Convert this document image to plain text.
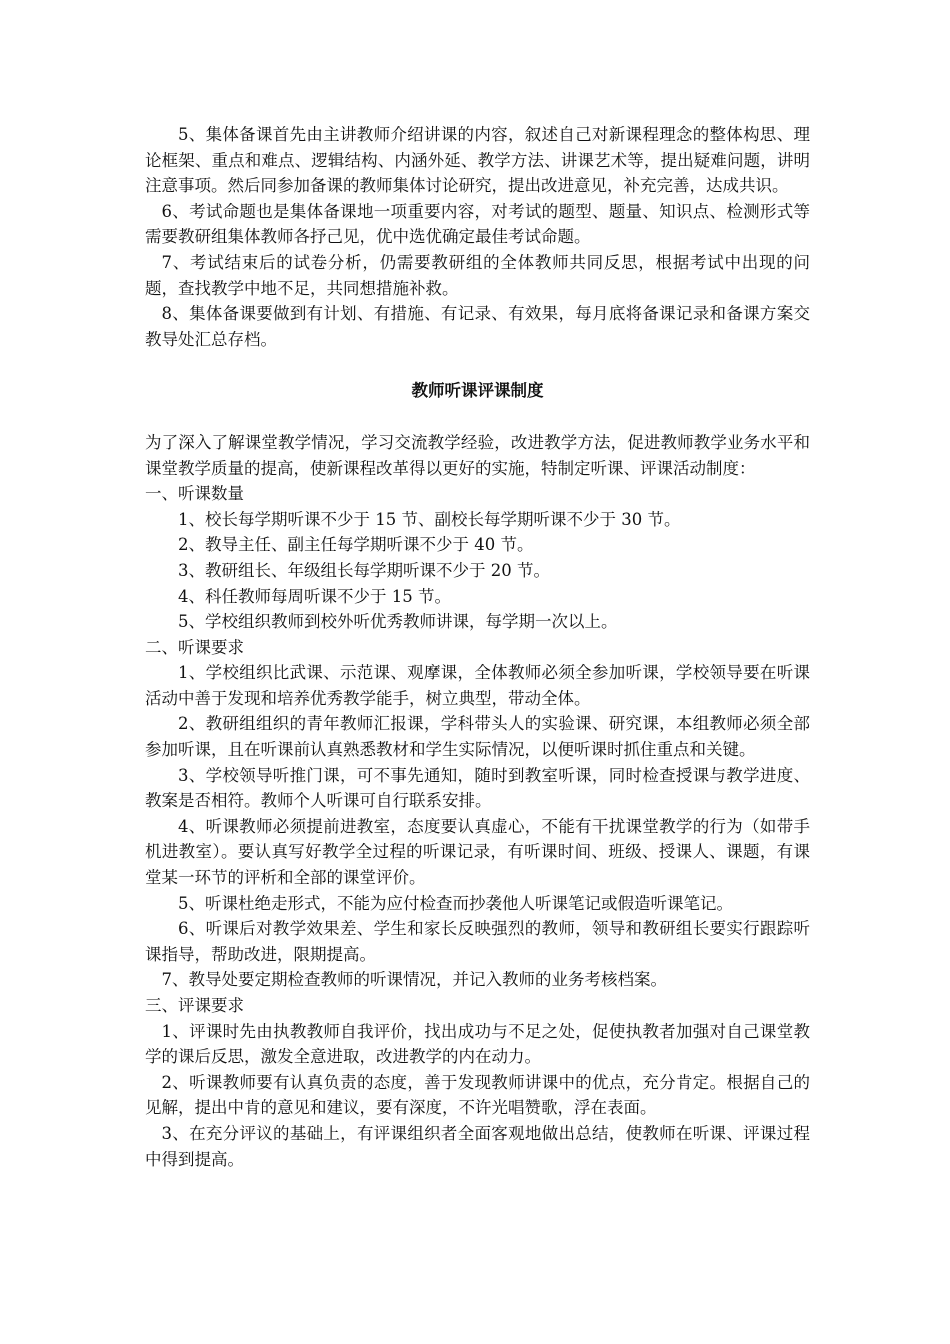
5、集体备课首先由主讲教师介绍讲课的内容，叙述自己对新课程理念的整体构思、理论框架、重点和难点、逻辑结构、内涵外延、教学方法、讲课艺术等，提出疑难问题，讲明注意事项。然后同参加备课的教师集体讨论研究，提出改进意见，补充完善，达成共识。

6、考试命题也是集体备课地一项重要内容，对考试的题型、题量、知识点、检测形式等需要教研组集体教师各抒己见，优中选优确定最佳考试命题。

7、考试结束后的试卷分析，仍需要教研组的全体教师共同反思，根据考试中出现的问题，查找教学中地不足，共同想措施补救。

8、集体备课要做到有计划、有措施、有记录、有效果，每月底将备课记录和备课方案交教导处汇总存档。

教师听课评课制度

为了深入了解课堂教学情况，学习交流教学经验，改进教学方法，促进教师教学业务水平和课堂教学质量的提高，使新课程改革得以更好的实施，特制定听课、评课活动制度：

一、听课数量

1、校长每学期听课不少于 15 节、副校长每学期听课不少于 30 节。

2、教导主任、副主任每学期听课不少于 40 节。

3、教研组长、年级组长每学期听课不少于 20 节。

4、科任教师每周听课不少于 15 节。

5、学校组织教师到校外听优秀教师讲课，每学期一次以上。

二、听课要求

1、学校组织比武课、示范课、观摩课，全体教师必须全参加听课，学校领导要在听课活动中善于发现和培养优秀教学能手，树立典型，带动全体。

2、教研组组织的青年教师汇报课，学科带头人的实验课、研究课，本组教师必须全部参加听课，且在听课前认真熟悉教材和学生实际情况，以便听课时抓住重点和关键。

3、学校领导听推门课，可不事先通知，随时到教室听课，同时检查授课与教学进度、教案是否相符。教师个人听课可自行联系安排。

4、听课教师必须提前进教室，态度要认真虚心，不能有干扰课堂教学的行为（如带手机进教室）。要认真写好教学全过程的听课记录，有听课时间、班级、授课人、课题，有课堂某一环节的评析和全部的课堂评价。

5、听课杜绝走形式，不能为应付检查而抄袭他人听课笔记或假造听课笔记。

6、听课后对教学效果差、学生和家长反映强烈的教师，领导和教研组长要实行跟踪听课指导，帮助改进，限期提高。

7、教导处要定期检查教师的听课情况，并记入教师的业务考核档案。

三、评课要求

1、评课时先由执教教师自我评价，找出成功与不足之处，促使执教者加强对自己课堂教学的课后反思，激发全意进取，改进教学的内在动力。

2、听课教师要有认真负责的态度，善于发现教师讲课中的优点，充分肯定。根据自己的见解，提出中肯的意见和建议，要有深度，不许光唱赞歌，浮在表面。

3、在充分评议的基础上，有评课组织者全面客观地做出总结，使教师在听课、评课过程中得到提高。
